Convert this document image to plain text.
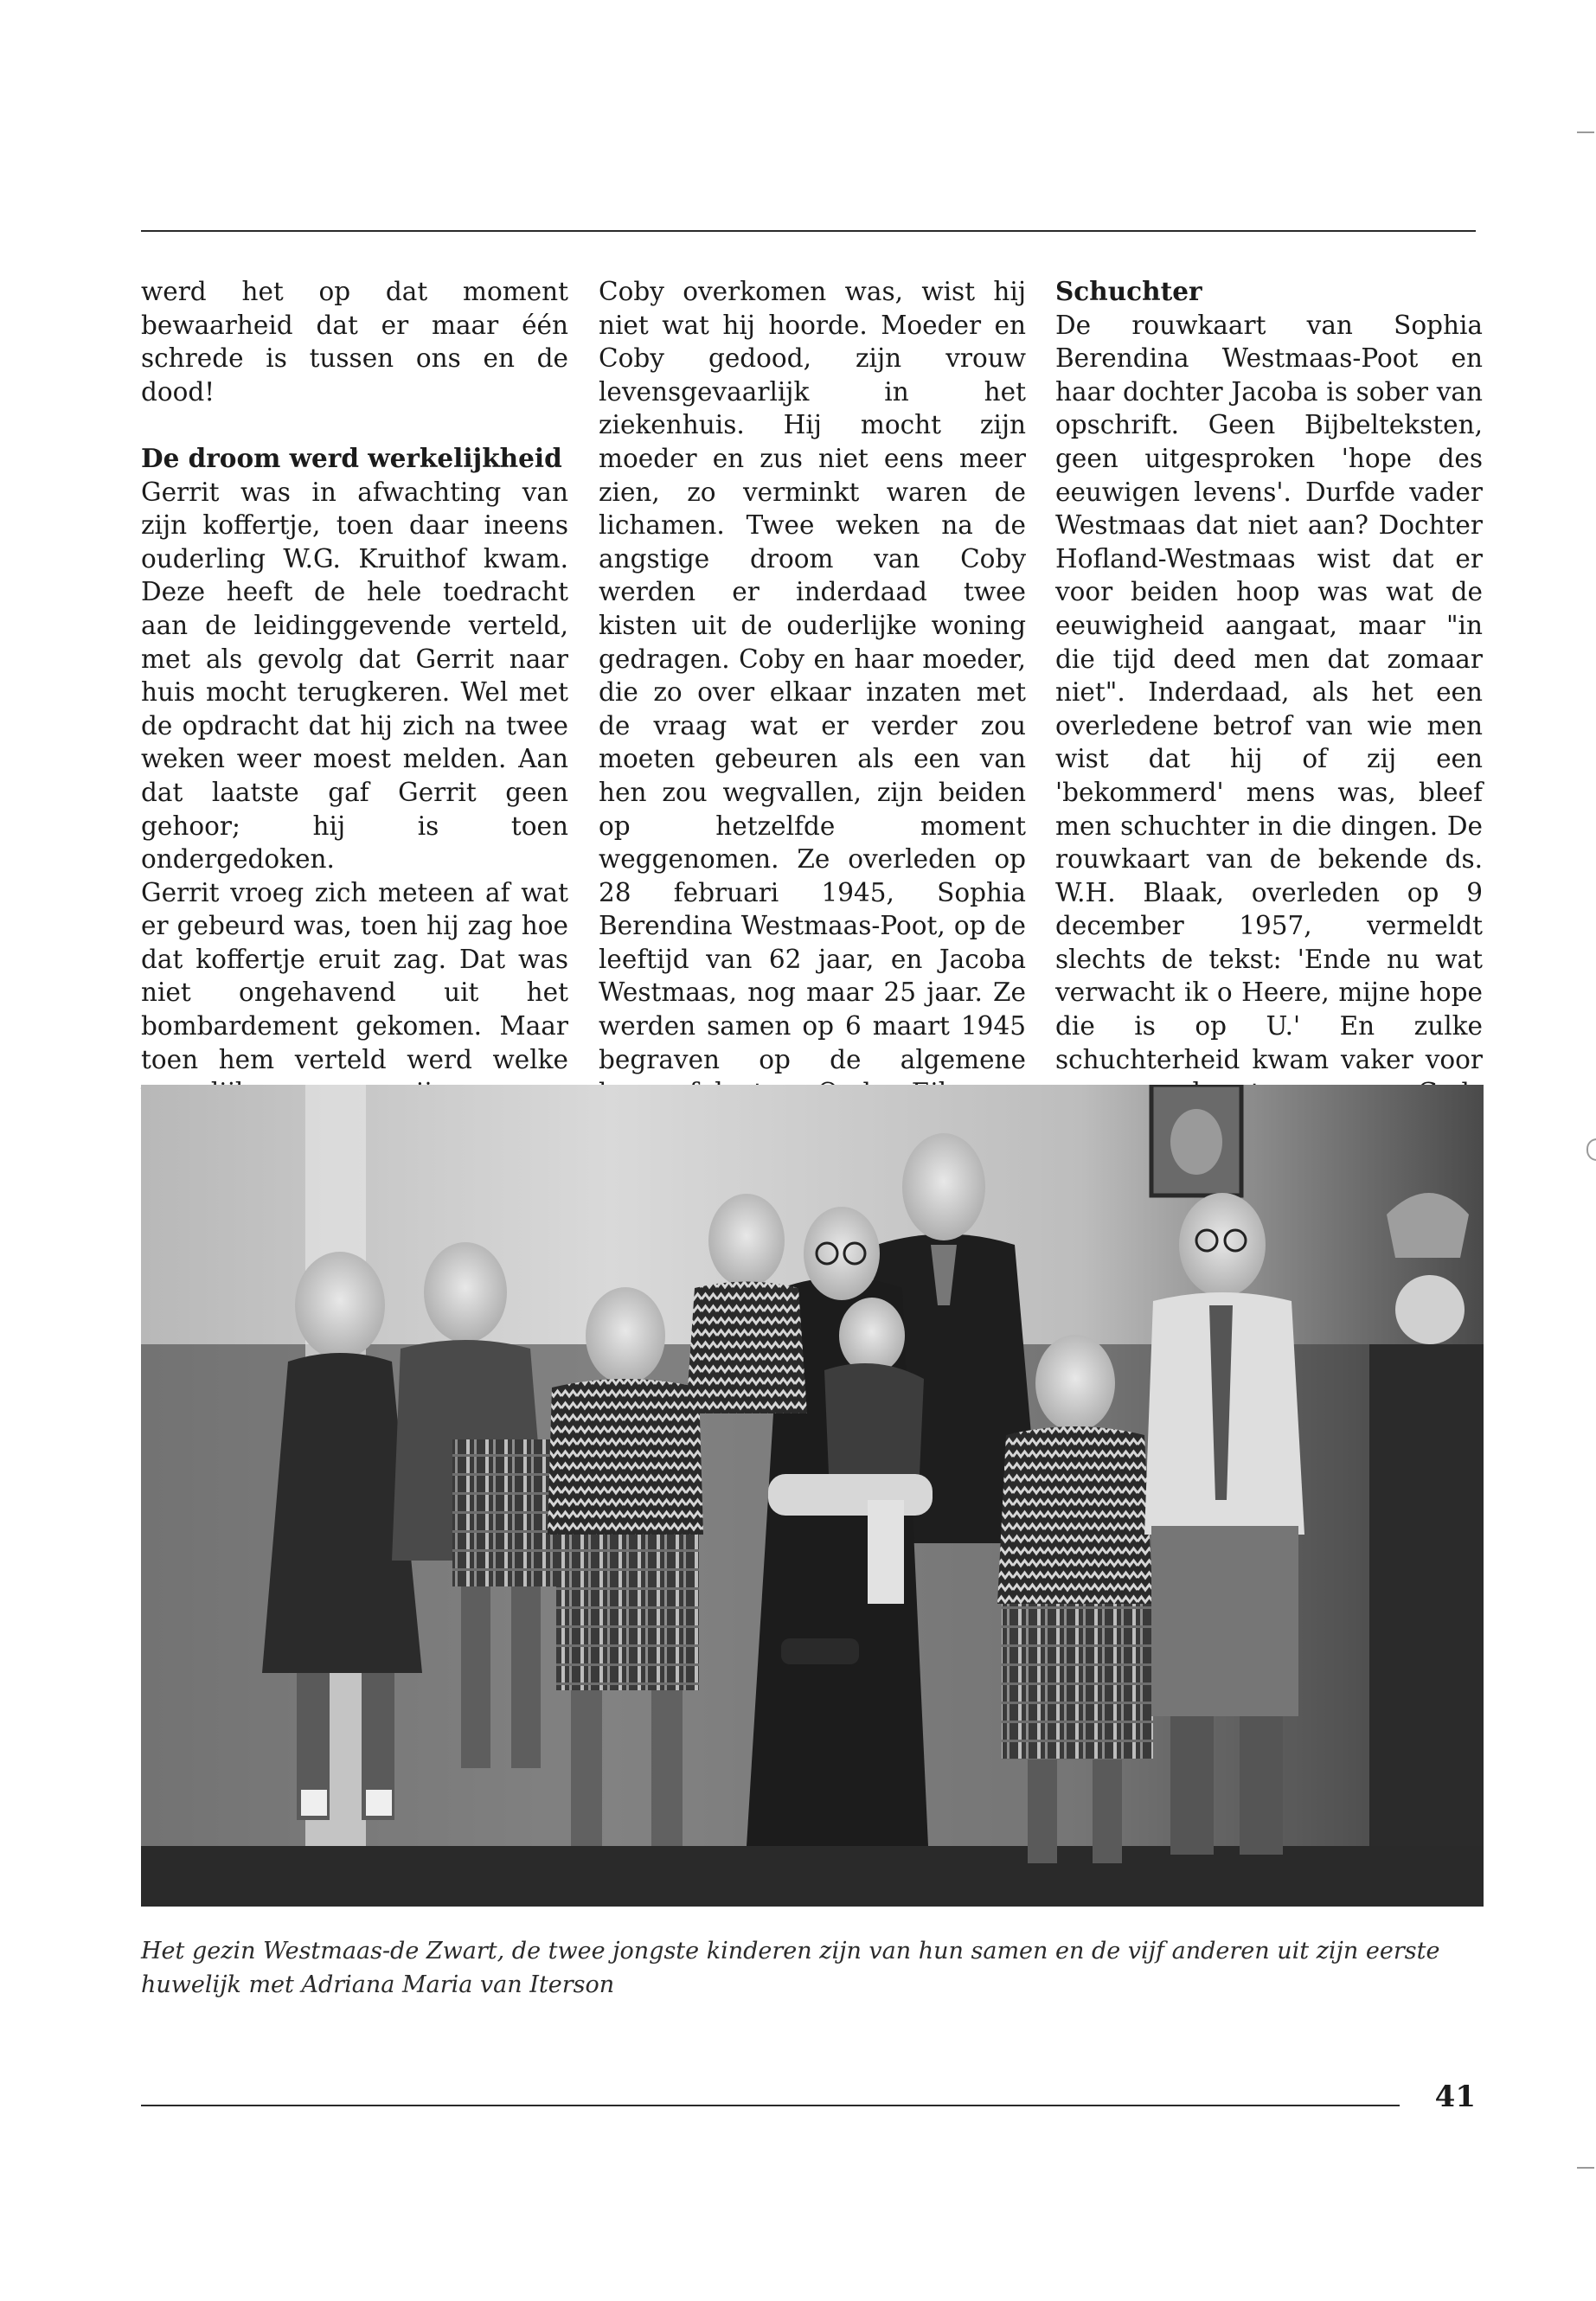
werd het op dat moment bewaarheid dat er maar één schrede is tussen ons en de dood!

De droom werd werkelijkheid

Gerrit was in afwachting van zijn koffertje, toen daar ineens ouderling W.G. Kruithof kwam. Deze heeft de hele toedracht aan de leidinggevende verteld, met als gevolg dat Gerrit naar huis mocht terugkeren. Wel met de opdracht dat hij zich na twee weken weer moest melden. Aan dat laatste gaf Gerrit geen gehoor; hij is toen ondergedoken.

Gerrit vroeg zich meteen af wat er gebeurd was, toen hij zag hoe dat koffertje eruit zag. Dat was niet ongehavend uit het bombardement gekomen. Maar toen hem verteld werd welke

Coby overkomen was, wist hij niet wat hij hoorde. Moeder en Coby gedood, zijn vrouw levensgevaarlijk in het ziekenhuis. Hij mocht zijn moeder en zus niet eens meer zien, zo verminkt waren de lichamen. Twee weken na de angstige droom van Coby werden er inderdaad twee kisten uit de ouderlijke woning gedragen. Coby en haar moeder, die zo over elkaar inzaten met de vraag wat er verder zou moeten gebeuren als een van hen zou wegvallen, zijn beiden op hetzelfde moment weggenomen. Ze overleden op 28 februari 1945, Sophia Berendina Westmaas-Poot, op de leeftijd van 62 jaar, en Jacoba Westmaas, nog maar 25 jaar. Ze werden samen op 6 maart 1945 begraven op de algemene

Schuchter

De rouwkaart van Sophia Berendina Westmaas-Poot en haar dochter Jacoba is sober van opschrift. Geen Bijbelteksten, geen uitgesproken 'hope des eeuwigen levens'. Durfde vader Westmaas dat niet aan? Dochter Hofland-Westmaas wist dat er voor beiden hoop was wat de eeuwigheid aangaat, maar "in die tijd deed men dat zomaar niet". Inderdaad, als het een overledene betrof van wie men wist dat hij of zij een 'bekommerd' mens was, bleef men schuchter in die dingen. De rouwkaart van de bekende ds. W.H. Blaak, overleden op 9 december 1957, vermeldt slechts de tekst: 'Ende nu wat verwacht ik o Heere, mijne hope die is op U.' En zulke schuchterheid kwam vaker voor

Het gezin Westmaas-de Zwart, de twee jongste kinderen zijn van hun samen en de vijf anderen uit zijn eerste huwelijk met Adriana Maria van Iterson
41
